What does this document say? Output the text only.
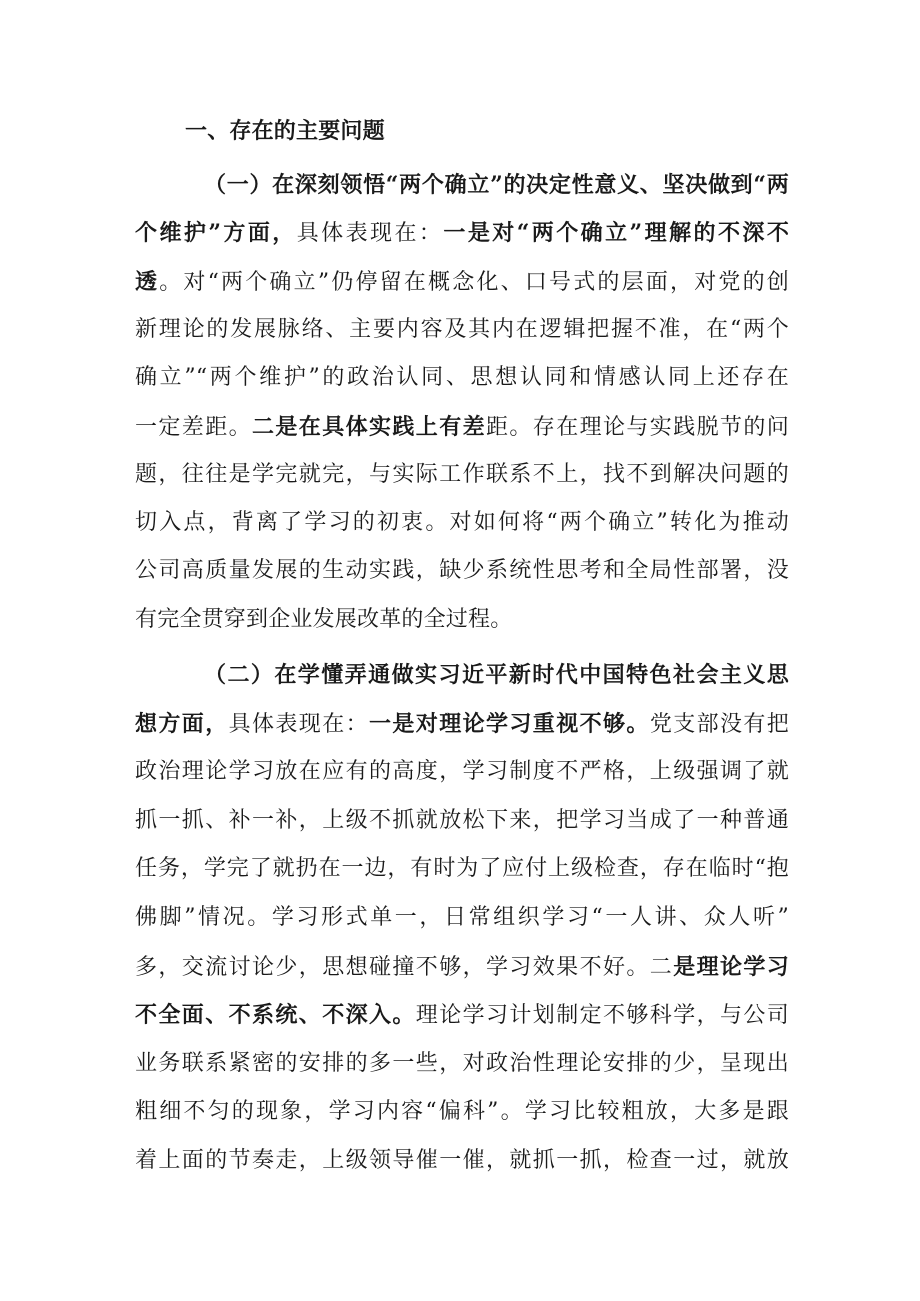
一、存在的主要问题
（一）在深刻领悟“两个确立”的决定性意义、坚决做到“两
个维护”方面，具体表现在：一是对“两个确立”理解的不深不
透。对“两个确立”仍停留在概念化、口号式的层面，对党的创
新理论的发展脉络、主要内容及其内在逻辑把握不准，在“两个
确立”“两个维护”的政治认同、思想认同和情感认同上还存在
一定差距。二是在具体实践上有差距。存在理论与实践脱节的问
题，往往是学完就完，与实际工作联系不上，找不到解决问题的
切入点，背离了学习的初衷。对如何将“两个确立”转化为推动
公司高质量发展的生动实践，缺少系统性思考和全局性部署，没
有完全贯穿到企业发展改革的全过程。
（二）在学懂弄通做实习近平新时代中国特色社会主义思
想方面，具体表现在：一是对理论学习重视不够。党支部没有把
政治理论学习放在应有的高度，学习制度不严格，上级强调了就
抓一抓、补一补，上级不抓就放松下来，把学习当成了一种普通
任务，学完了就扔在一边，有时为了应付上级检查，存在临时“抱
佛脚”情况。学习形式单一，日常组织学习“一人讲、众人听”
多，交流讨论少，思想碰撞不够，学习效果不好。二是理论学习
不全面、不系统、不深入。理论学习计划制定不够科学，与公司
业务联系紧密的安排的多一些，对政治性理论安排的少，呈现出
粗细不匀的现象，学习内容“偏科”。学习比较粗放，大多是跟
着上面的节奏走，上级领导催一催，就抓一抓，检查一过，就放
